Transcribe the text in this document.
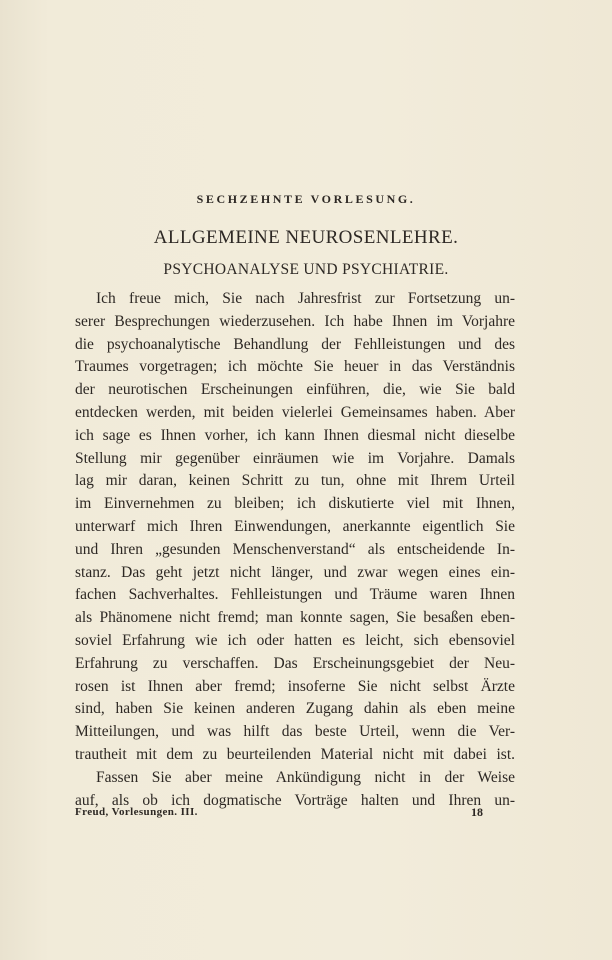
SECHZEHNTE VORLESUNG.
ALLGEMEINE NEUROSENLEHRE.
PSYCHOANALYSE UND PSYCHIATRIE.
Ich freue mich, Sie nach Jahresfrist zur Fortsetzung un-
serer Besprechungen wiederzusehen. Ich habe Ihnen im Vorjahre
die psychoanalytische Behandlung der Fehlleistungen und des
Traumes vorgetragen; ich möchte Sie heuer in das Verständnis
der neurotischen Erscheinungen einführen, die, wie Sie bald
entdecken werden, mit beiden vielerlei Gemeinsames haben. Aber
ich sage es Ihnen vorher, ich kann Ihnen diesmal nicht dieselbe
Stellung mir gegenüber einräumen wie im Vorjahre. Damals
lag mir daran, keinen Schritt zu tun, ohne mit Ihrem Urteil
im Einvernehmen zu bleiben; ich diskutierte viel mit Ihnen,
unterwarf mich Ihren Einwendungen, anerkannte eigentlich Sie
und Ihren „gesunden Menschenverstand“ als entscheidende In-
stanz. Das geht jetzt nicht länger, und zwar wegen eines ein-
fachen Sachverhaltes. Fehlleistungen und Träume waren Ihnen
als Phänomene nicht fremd; man konnte sagen, Sie besaßen eben-
soviel Erfahrung wie ich oder hatten es leicht, sich ebensoviel
Erfahrung zu verschaffen. Das Erscheinungsgebiet der Neu-
rosen ist Ihnen aber fremd; insoferne Sie nicht selbst Ärzte
sind, haben Sie keinen anderen Zugang dahin als eben meine
Mitteilungen, und was hilft das beste Urteil, wenn die Ver-
trautheit mit dem zu beurteilenden Material nicht mit dabei ist.
Fassen Sie aber meine Ankündigung nicht in der Weise
auf, als ob ich dogmatische Vorträge halten und Ihren un-
Freud, Vorlesungen. III.	18
